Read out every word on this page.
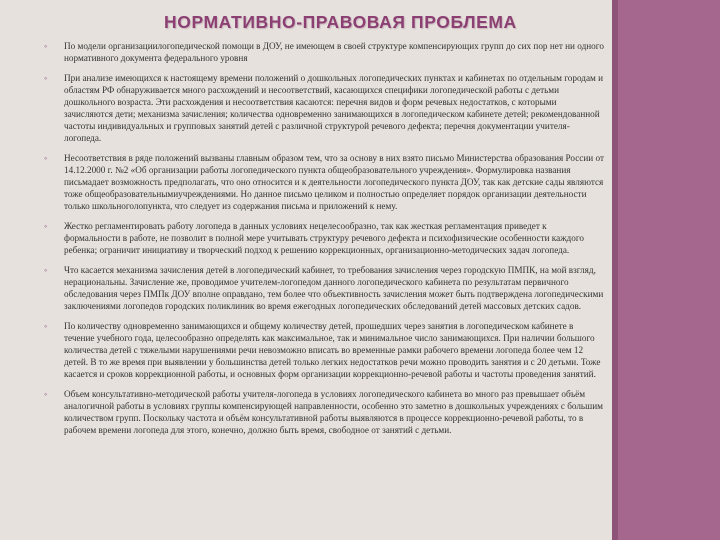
НОРМАТИВНО-ПРАВОВАЯ ПРОБЛЕМА
◦ По модели организациилогопедической помощи в ДОУ, не имеющем в своей структуре компенсирующих групп до сих пор нет ни одного нормативного документа федерального уровня
◦ При анализе имеющихся к настоящему времени положений о дошкольных логопедических пунктах и кабинетах по отдельным городам и областям РФ обнаруживается много расхождений и несоответствий, касающихся специфики логопедической работы с детьми дошкольного возраста. Эти расхождения и несоответствия касаются: перечня видов и форм речевых недостатков, с которыми зачисляются дети; механизма зачисления; количества одновременно занимающихся в логопедическом кабинете детей; рекомендованной частоты индивидуальных и групповых занятий детей с различной структурой речевого дефекта; перечня документации учителя-логопеда.
◦ Несоответствия в ряде положений вызваны главным образом тем, что за основу в них взято письмо Министерства образования России от 14.12.2000 г. №2 «Об организации работы логопедического пункта общеобразовательного учреждения». Формулировка названия письмадает возможность предполагать, что оно относится и к деятельности логопедического пункта ДОУ, так как детские сады являются тоже общеобразовательнымиучреждениями. Но данное письмо целиком и полностью определяет порядок организации деятельности только школьноголопункта, что следует из содержания письма и приложений к нему.
◦ Жестко регламентировать работу логопеда в данных условиях нецелесообразно, так как жесткая регламентация приведет к формальности в работе, не позволит в полной мере учитывать структуру речевого дефекта и психофизические особенности каждого ребенка; ограничит инициативу и творческий подход к решению коррекционных, организационно-методических задач логопеда.
◦ Что касается механизма зачисления детей в логопедический кабинет, то требования зачисления через городскую ПМПК, на мой взгляд, нерациональны. Зачисление же, проводимое учителем-логопедом данного логопедического кабинета по результатам первичного обследования через ПМПк ДОУ вполне оправдано, тем более что объективность зачисления может быть подтверждена логопедическими заключениями логопедов городских поликлиник во время ежегодных логопедических обследований детей массовых детских садов.
◦ По количеству одновременно занимающихся и общему количеству детей, прошедших через занятия в логопедическом кабинете в течение учебного года, целесообразно определять как максимальное, так и минимальное число занимающихся. При наличии большого количества детей с тяжелыми нарушениями речи невозможно вписать во временные рамки рабочего времени логопеда более чем 12 детей. В то же время при выявлении у большинства детей только легких недостатков речи можно проводить занятия и с 20 детьми. Тоже касается и сроков коррекционной работы, и основных форм организации коррекционно-речевой работы и частоты проведения занятий.
◦ Объем консультативно-методической работы учителя-логопеда в условиях логопедического кабинета во много раз превышает объём аналогичной работы в условиях группы компенсирующей направленности, особенно это заметно в дошкольных учреждениях с большим количеством групп. Поскольку частота и объём консультативной работы выявляются в процессе коррекционно-речевой работы, то в рабочем времени логопеда для этого, конечно, должно быть время, свободное от занятий с детьми.
